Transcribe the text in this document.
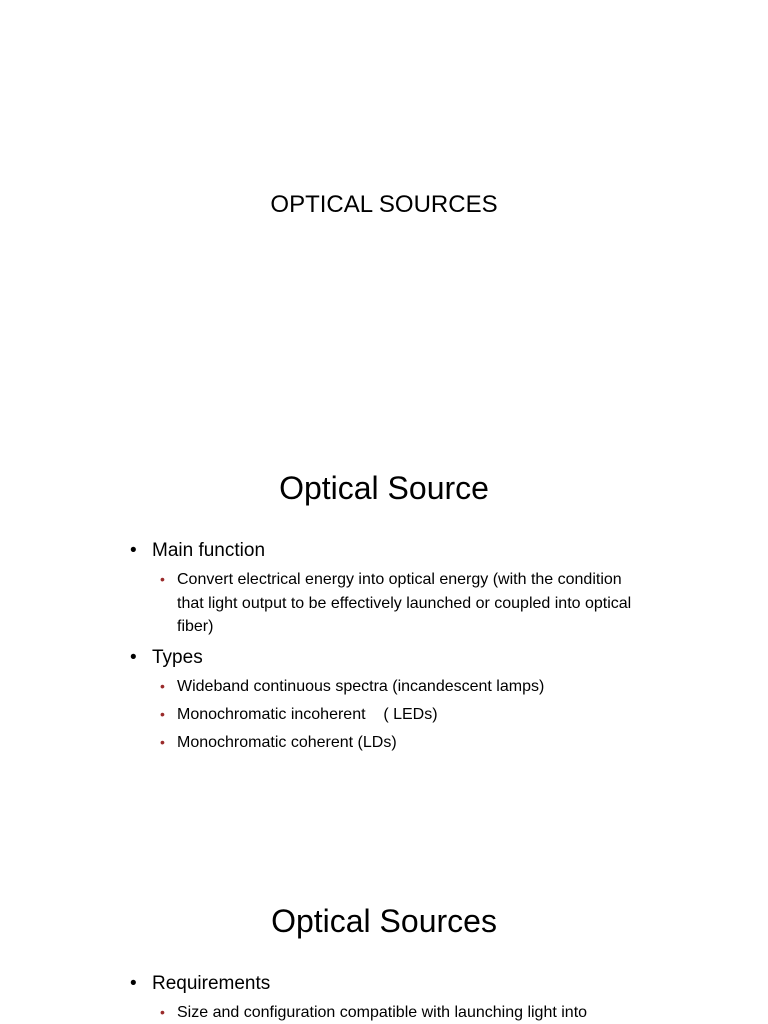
OPTICAL SOURCES
Optical Source
• Main function
• Convert electrical energy into optical energy (with the condition that light output to be effectively launched or coupled into optical fiber)
• Types
• Wideband continuous spectra (incandescent lamps)
• Monochromatic incoherent    ( LEDs)
• Monochromatic coherent (LDs)
Optical Sources
• Requirements
• Size and configuration compatible with launching light into
